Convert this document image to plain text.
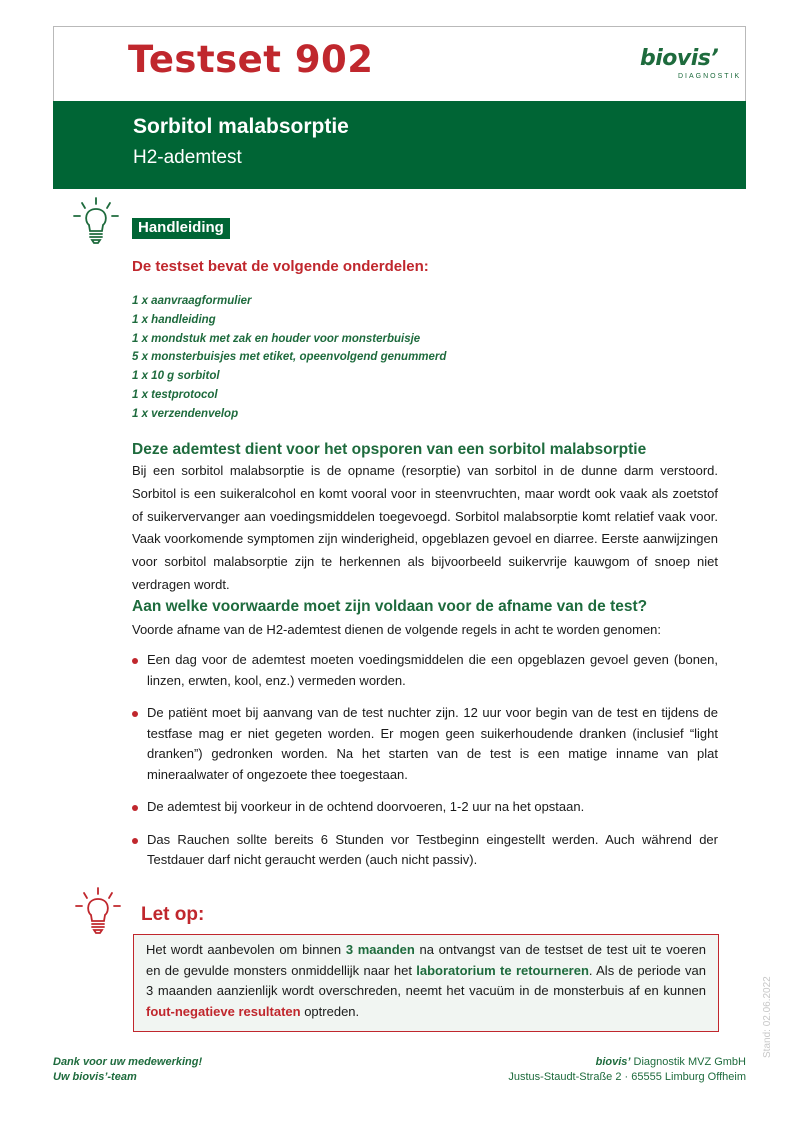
Testset 902	biovis’
DIAGNOSTIK
Sorbitol malabsorptie
H2-ademtest
Handleiding
De testset bevat de volgende onderdelen:
1 x aanvraagformulier
1 x handleiding
1 x mondstuk met zak en houder voor monsterbuisje
5 x monsterbuisjes met etiket, opeenvolgend genummerd
1 x 10 g sorbitol
1 x testprotocol
1 x verzendenvelop
Deze ademtest dient voor het opsporen van een sorbitol malabsorptie

Bij een sorbitol malabsorptie is de opname (resorptie) van sorbitol in de dunne darm verstoord. Sorbitol is een suikeralcohol en komt vooral voor in steenvruchten, maar wordt ook vaak als zoetstof of suikervervanger aan voedingsmiddelen toegevoegd. Sorbitol malabsorptie komt relatief vaak voor. Vaak voorkomende symptomen zijn winderigheid, opgeblazen gevoel en diarree. Eerste aanwijzingen voor sorbitol malabsorptie zijn te herkennen als bijvoorbeeld suikervrije kauwgom of snoep niet verdragen wordt.

Aan welke voorwaarde moet zijn voldaan voor de afname van de test?

Voorde afname van de H2-ademtest dienen de volgende regels in acht te worden genomen:

Een dag voor de ademtest moeten voedingsmiddelen die een opgeblazen gevoel geven (bonen, linzen, erwten, kool, enz.) vermeden worden.
De patiënt moet bij aanvang van de test nuchter zijn. 12 uur voor begin van de test en tijdens de testfase mag er niet gegeten worden. Er mogen geen suikerhoudende dranken (inclusief “light dranken”) gedronken worden. Na het starten van de test is een matige inname van plat mineraalwater of ongezoete thee toegestaan.
De ademtest bij voorkeur in de ochtend doorvoeren, 1-2 uur na het opstaan.
Das Rauchen sollte bereits 6 Stunden vor Testbeginn eingestellt werden. Auch während der Testdauer darf nicht geraucht werden (auch nicht passiv).
Let op:
Het wordt aanbevolen om binnen 3 maanden na ontvangst van de testset de test uit te voeren en de gevulde monsters onmiddellijk naar het laboratorium te retourneren. Als de periode van 3 maanden aanzienlijk wordt overschreden, neemt het vacuüm in de monsterbuis af en kunnen fout-negatieve resultaten optreden.	Stand: 02.06.2022
Dank voor uw medewerking!
Uw biovis’-team
biovis’ Diagnostik MVZ GmbH
Justus-Staudt-Straße 2 · 65555 Limburg Offheim
